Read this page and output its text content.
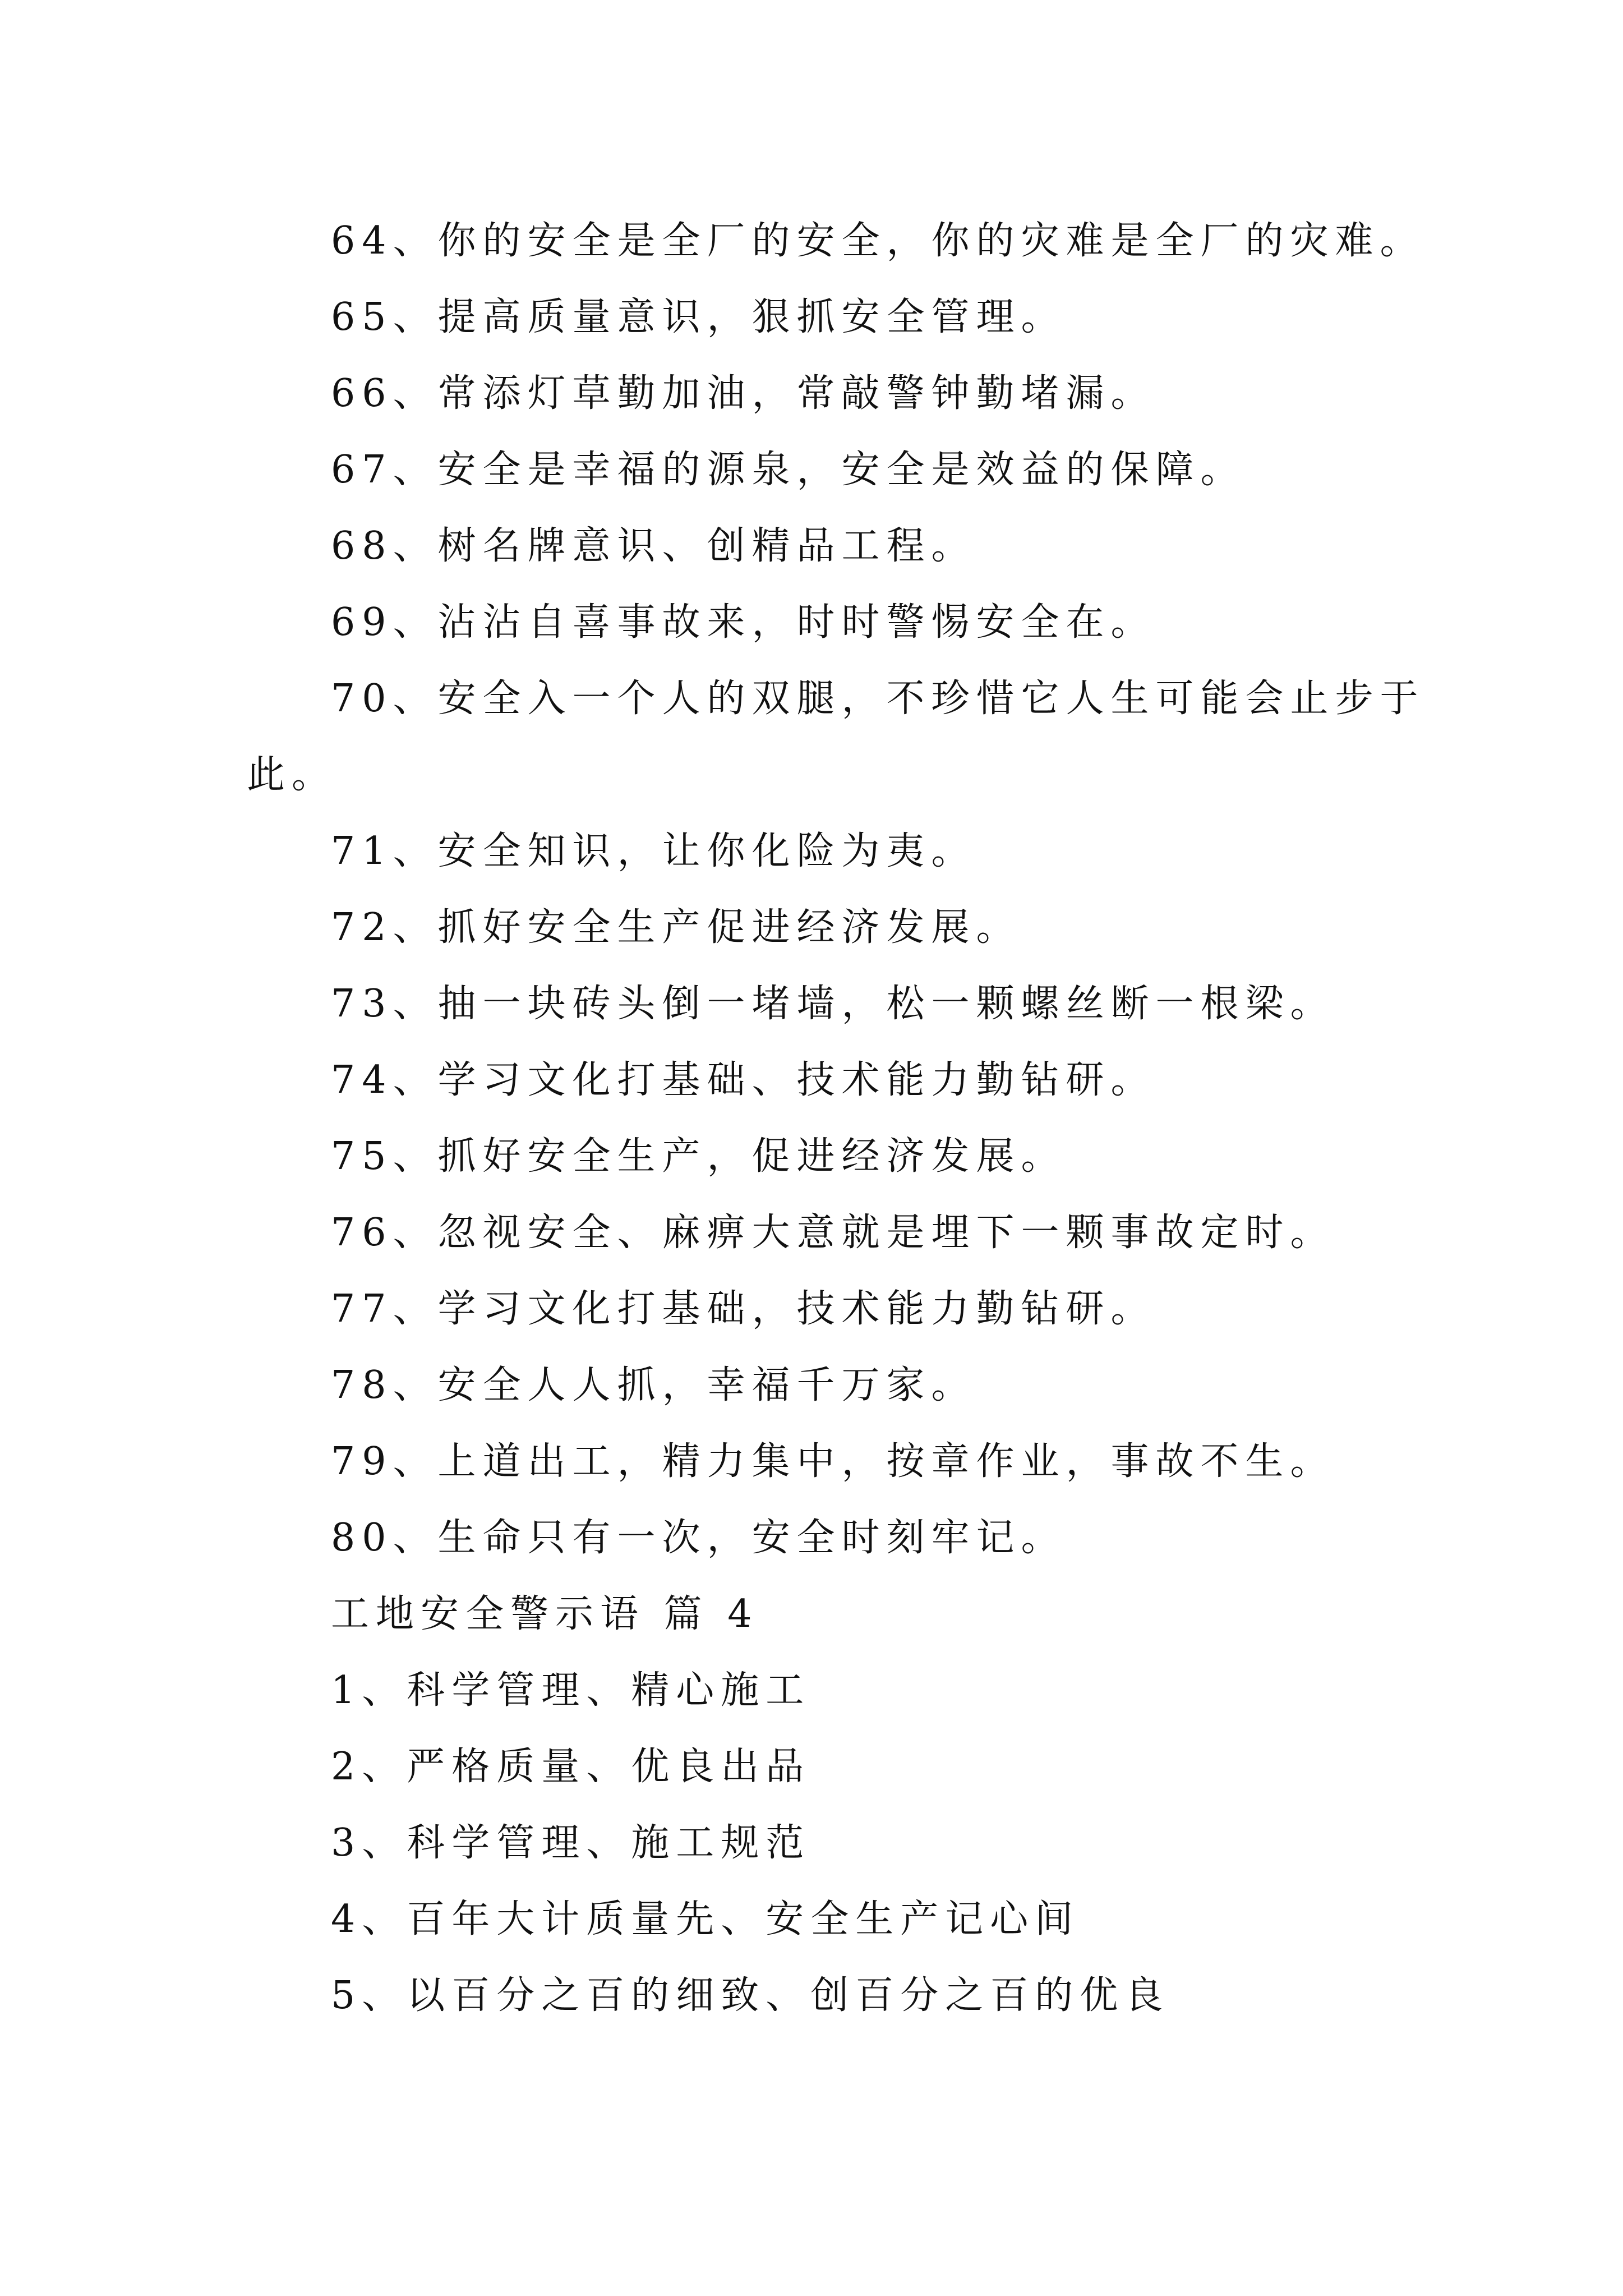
64、你的安全是全厂的安全，你的灾难是全厂的灾难。
65、提高质量意识，狠抓安全管理。
66、常添灯草勤加油，常敲警钟勤堵漏。
67、安全是幸福的源泉，安全是效益的保障。
68、树名牌意识、创精品工程。
69、沾沾自喜事故来，时时警惕安全在。
70、安全入一个人的双腿，不珍惜它人生可能会止步于
此。
71、安全知识，让你化险为夷。
72、抓好安全生产促进经济发展。
73、抽一块砖头倒一堵墙，松一颗螺丝断一根梁。
74、学习文化打基础、技术能力勤钻研。
75、抓好安全生产，促进经济发展。
76、忽视安全、麻痹大意就是埋下一颗事故定时。
77、学习文化打基础，技术能力勤钻研。
78、安全人人抓，幸福千万家。
79、上道出工，精力集中，按章作业，事故不生。
80、生命只有一次，安全时刻牢记。
工地安全警示语 篇 4
1、科学管理、精心施工
2、严格质量、优良出品
3、科学管理、施工规范
4、百年大计质量先、安全生产记心间
5、以百分之百的细致、创百分之百的优良
